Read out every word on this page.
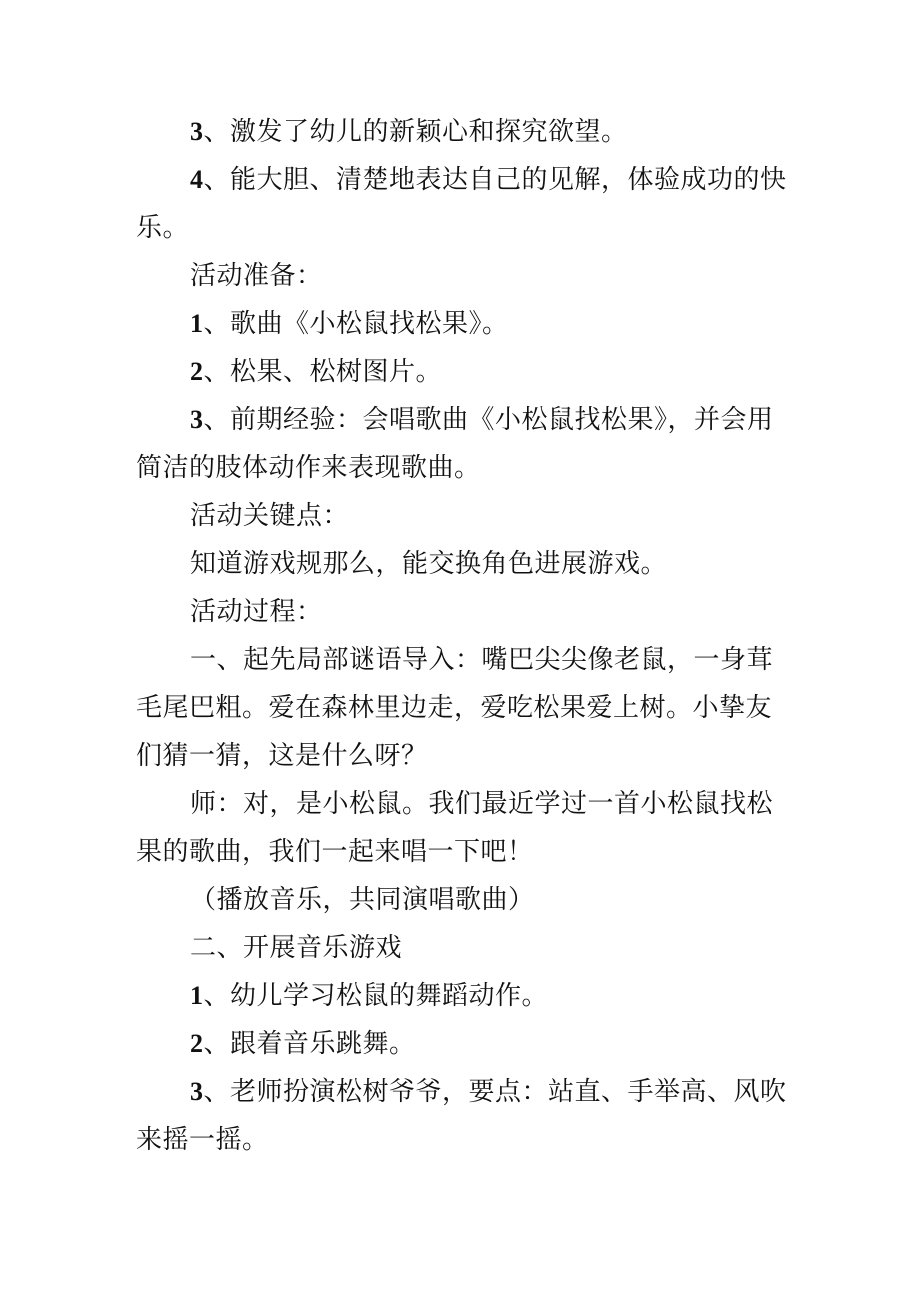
3、激发了幼儿的新颖心和探究欲望。

4、能大胆、清楚地表达自己的见解，体验成功的快乐。

活动准备：

1、歌曲《小松鼠找松果》。

2、松果、松树图片。

3、前期经验：会唱歌曲《小松鼠找松果》，并会用简洁的肢体动作来表现歌曲。

活动关键点：

知道游戏规那么，能交换角色进展游戏。

活动过程：

一、起先局部谜语导入：嘴巴尖尖像老鼠，一身茸毛尾巴粗。爱在森林里边走，爱吃松果爱上树。小挚友们猜一猜，这是什么呀？

师：对，是小松鼠。我们最近学过一首小松鼠找松果的歌曲，我们一起来唱一下吧！

（播放音乐，共同演唱歌曲）

二、开展音乐游戏

1、幼儿学习松鼠的舞蹈动作。

2、跟着音乐跳舞。

3、老师扮演松树爷爷，要点：站直、手举高、风吹来摇一摇。
